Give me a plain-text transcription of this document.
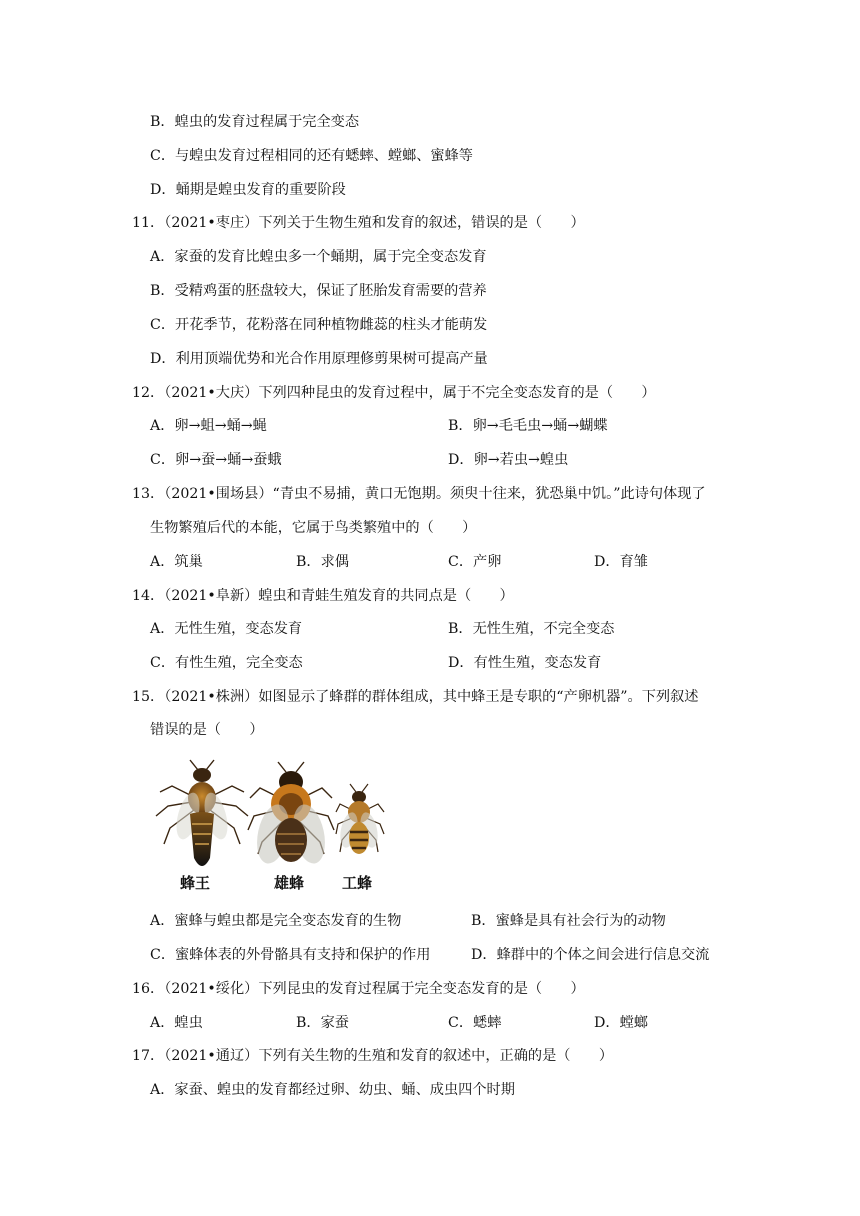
B．蝗虫的发育过程属于完全变态
C．与蝗虫发育过程相同的还有蟋蟀、螳螂、蜜蜂等
D．蛹期是蝗虫发育的重要阶段
11．（2021•枣庄）下列关于生物生殖和发育的叙述，错误的是（　　）
A．家蚕的发育比蝗虫多一个蛹期，属于完全变态发育
B．受精鸡蛋的胚盘较大，保证了胚胎发育需要的营养
C．开花季节，花粉落在同种植物雌蕊的柱头才能萌发
D．利用顶端优势和光合作用原理修剪果树可提高产量
12．（2021•大庆）下列四种昆虫的发育过程中，属于不完全变态发育的是（　　）
A．卵→蛆→蛹→蝇	B．卵→毛毛虫→蛹→蝴蝶
C．卵→蚕→蛹→蚕蛾	D．卵→若虫→蝗虫
13．（2021•围场县）“青虫不易捕，黄口无饱期。须臾十往来，犹恐巢中饥。”此诗句体现了
生物繁殖后代的本能，它属于鸟类繁殖中的（　　）
A．筑巢	B．求偶	C．产卵	D．育雏
14．（2021•阜新）蝗虫和青蛙生殖发育的共同点是（　　）
A．无性生殖，变态发育	B．无性生殖，不完全变态
C．有性生殖，完全变态	D．有性生殖，变态发育
15．（2021•株洲）如图显示了蜂群的群体组成，其中蜂王是专职的“产卵机器”。下列叙述
错误的是（　　）
蜂王	雄蜂	工蜂
A．蜜蜂与蝗虫都是完全变态发育的生物	B．蜜蜂是具有社会行为的动物
C．蜜蜂体表的外骨骼具有支持和保护的作用	D．蜂群中的个体之间会进行信息交流
16．（2021•绥化）下列昆虫的发育过程属于完全变态发育的是（　　）
A．蝗虫	B．家蚕	C．蟋蟀	D．螳螂
17．（2021•通辽）下列有关生物的生殖和发育的叙述中，正确的是（　　）
A．家蚕、蝗虫的发育都经过卵、幼虫、蛹、成虫四个时期
